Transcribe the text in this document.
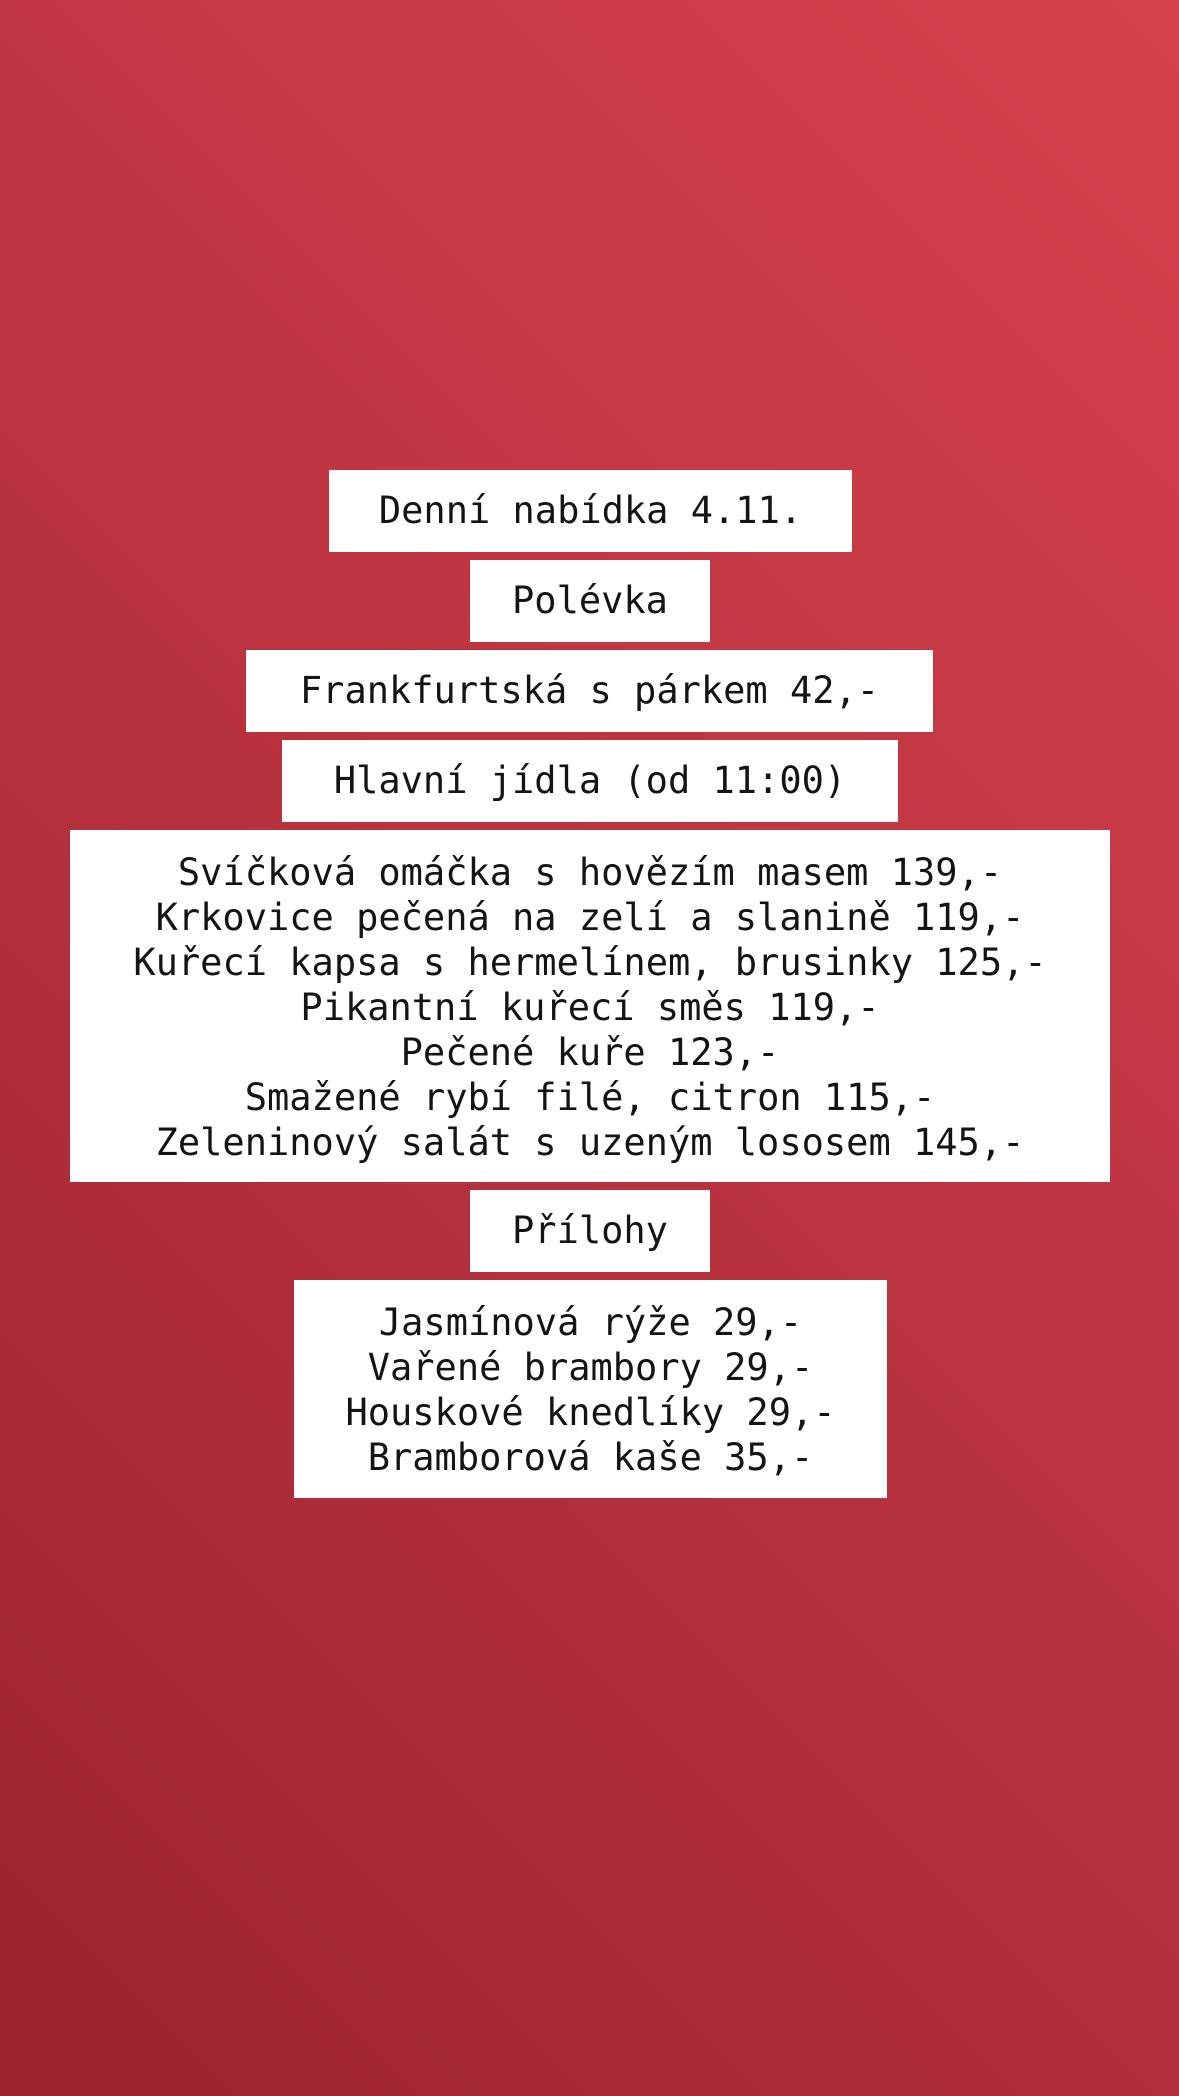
Denní nabídka 4.11.
Polévka
Frankfurtská s párkem 42,-
Hlavní jídla (od 11:00)
Svíčková omáčka s hovězím masem 139,-
Krkovice pečená na zelí a slanině 119,-
Kuřecí kapsa s hermelínem, brusinky 125,-
Pikantní kuřecí směs 119,-
Pečené kuře 123,-
Smažené rybí filé, citron 115,-
Zeleninový salát s uzeným lososem 145,-
Přílohy
Jasmínová rýže 29,-
Vařené brambory 29,-
Houskové knedlíky 29,-
Bramborová kaše 35,-
